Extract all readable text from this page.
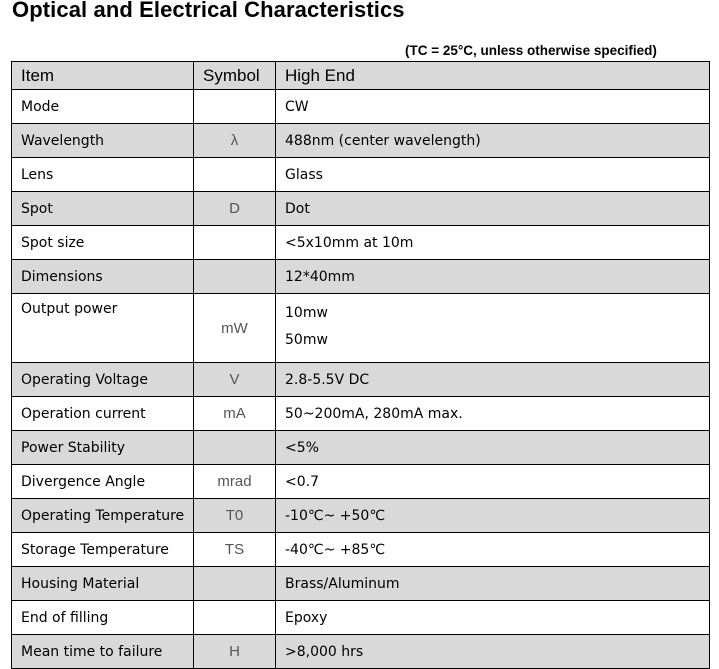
Optical and Electrical Characteristics
(TC = 25°C, unless otherwise specified)
Item	Symbol	High End
Mode		CW
Wavelength	λ	488nm (center wavelength)
Lens		Glass
Spot	D	Dot
Spot size		<5x10mm at 10m
Dimensions		12*40mm
Output power	mW	10mw
50mw

Operating Voltage	V	2.8-5.5V DC
Operation current	mA	50~200mA, 280mA max.
Power Stability		<5%
Divergence Angle	mrad	<0.7
Operating Temperature	T0	-10℃~ +50℃
Storage Temperature	TS	-40℃~ +85℃
Housing Material		Brass/Aluminum
End of filling		Epoxy
Mean time to failure	H	>8,000 hrs
